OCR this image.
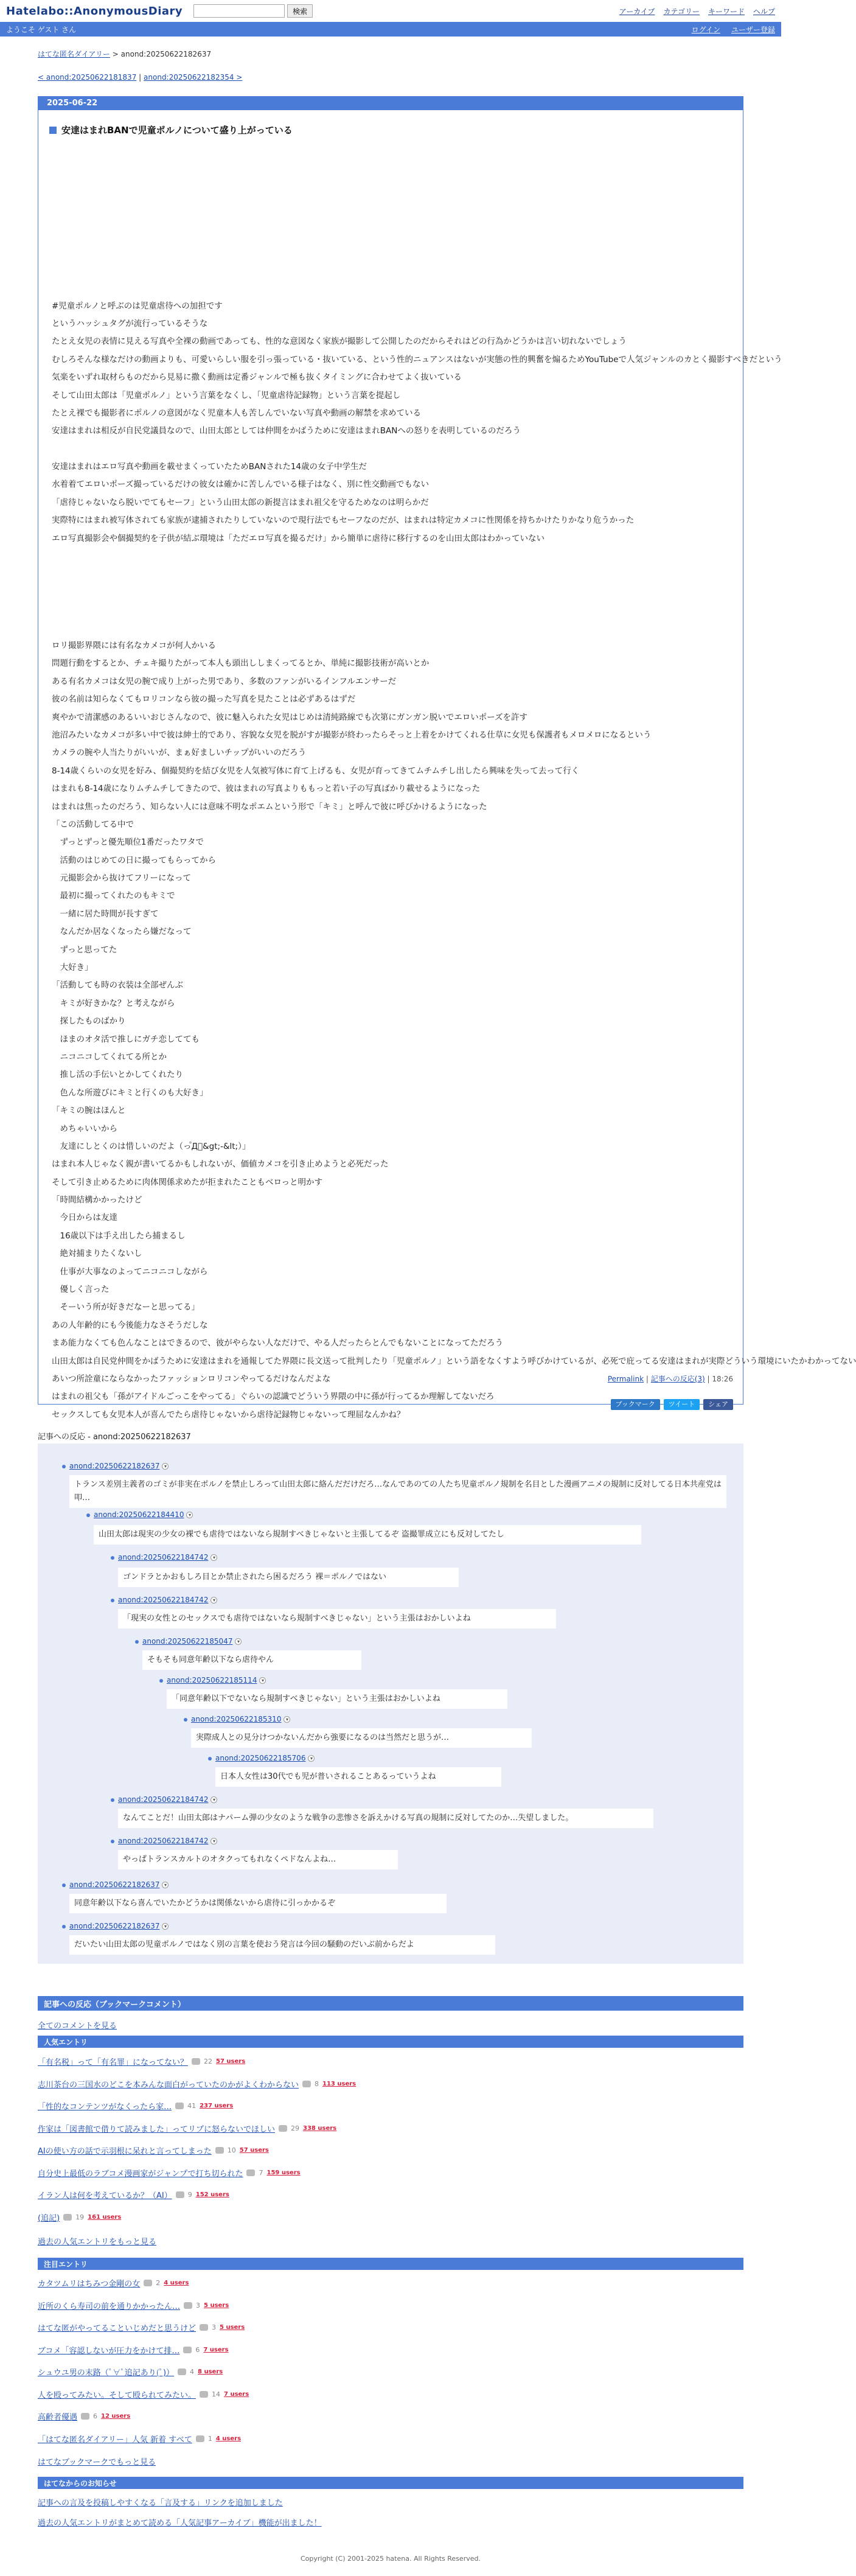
Hatelabo::AnonymousDiary	検索	アーカイブ カテゴリー キーワード ヘルプ
ようこそ ゲスト さん	ログイン ユーザー登録
はてな匿名ダイアリー > anond:20250622182637
< anond:20250622181837 | anond:20250622182354 >
2025-06-22
安達はまれBANで児童ポルノについて盛り上がっている
#児童ポルノと呼ぶのは児童虐待への加担です
というハッシュタグが流行っているそうな
たとえ女児の表情に見える写真や全裸の動画であっても、性的な意図なく家族が撮影して公開したのだからそれはどの行為かどうかは言い切れないでしょう
むしろそんな様なだけの動画よりも、可愛いらしい服を引っ張っている・抜いている、という性的ニュアンスはないが実態の性的興奮を煽るためYouTubeで人気ジャンルのカとく撮影すべきだという
気楽をいずれ取材らものだから見易に撒く動画は定番ジャンルで極も抜くタイミングに合わせてよく抜いている
そして山田太郎は「児童ポルノ」という言葉をなくし、「児童虐待記録物」という言葉を提起し
たとえ裸でも撮影者にポルノの意図がなく児童本人も苦しんでいない写真や動画の解禁を求めている
安達はまれは相反が自民党議員なので、山田太郎としては仲間をかばうために安達はまれBANへの怒りを表明しているのだろう
安達はまれはエロ写真や動画を載せまくっていたためBANされた14歳の女子中学生だ
水着着てエロいポーズ撮っているだけの彼女は確かに苦しんでいる様子はなく、別に性交動画でもない
「虐待じゃないなら脱いでてもセーフ」という山田太郎の新提言はまれ祖父を守るためなのは明らかだ
実際特にはまれ被写体されても家族が逮捕されたりしていないので現行法でもセーフなのだが、はまれは特定カメコに性関係を持ちかけたりかなり危うかった
エロ写真撮影会や個撮契約を子供が結ぶ環境は「ただエロ写真を撮るだけ」から簡単に虐待に移行するのを山田太郎はわかっていない
ロリ撮影界隈には有名なカメコが何人かいる
問題行動をするとか、チェキ撮りたがって本人も頭出ししまくってるとか、単純に撮影技術が高いとか
ある有名カメコは女児の腕で成り上がった男であり、多数のファンがいるインフルエンサーだ
彼の名前は知らなくてもロリコンなら彼の撮った写真を見たことは必ずあるはずだ
爽やかで清潔感のあるいいおじさんなので、彼に魅入られた女児はじめは清純路線でも次第にガンガン脱いでエロいポーズを許す
池沼みたいなカメコが多い中で彼は紳士的であり、容貌な女児を脱がすが撮影が終わったらそっと上着をかけてくれる仕草に女児も保護者もメロメロになるという
カメラの腕や人当たりがいいが、まぁ好ましいチップがいいのだろう
8-14歳くらいの女児を好み、個撮契約を結び女児を人気被写体に育て上げるも、女児が育ってきてムチムチし出したら興味を失って去って行く
はまれも8-14歳になりムチムチしてきたので、彼はまれの写真よりももっと若い子の写真ばかり載せるようになった
はまれは焦ったのだろう、知らない人には意味不明なポエムという形で「キミ」と呼んで彼に呼びかけるようになった
「この活動してる中で
　ずっとずっと優先順位1番だったワタで
　活動のはじめての日に撮ってもらってから
　元撮影会から抜けてフリーになって
　最初に撮ってくれたのもキミで
　一緒に居た時間が長すぎて
　なんだか居なくなったら嫌だなって
　ずっと思ってた
　大好き」
「活動しても時の衣装は全部ぜんぶ
　キミが好きかな？と考えながら
　探したものばかり
　ほまのオタ活で推しにガチ恋してても
　ニコニコしてくれてる所とか
　推し活の手伝いとかしてくれたり
　色んな所遊びにキミと行くのも大好き」
「キミの腕はほんと
　めちゃいいから
　友達にしとくのは惜しいのだよ（っ゚Д゚&gt;-&lt;）」
はまれ本人じゃなく親が書いてるかもしれないが、価値カメコを引き止めようと必死だった
そして引き止めるために肉体関係求めたが拒まれたこともベロっと明かす
「時間結構かかったけど
　今日からは友達
　16歳以下は手え出したら捕まるし
　絶対捕まりたくないし
　仕事が大事なのよってニコニコしながら
　優しく言った
　そーいう所が好きだなーと思ってる」
あの人年齢的にも今後能力なさそうだしな
まあ能力なくても色んなことはできるので、彼がやらない人なだけで、やる人だったらとんでもないことになってただろう
山田太郎は自民党仲間をかばうために安達はまれを通報してた界隈に長文送って批判したり「児童ポルノ」という語をなくすよう呼びかけているが、必死で庇ってる安達はまれが実際どういう環境にいたかわかってない
あいつ所詮童にならなかったファッションロリコンやってるだけなんだよな
はまれの祖父も「孫がアイドルごっこをやってる」ぐらいの認識でどういう界隈の中に孫が行ってるか理解してないだろ
セックスしても女児本人が喜んでたら虐待じゃないから虐待記録物じゃないって理屈なんかね？
Permalink | 記事への反応(3) | 18:26
ブックマーク	ツイート	シェア
記事への反応 - anond:20250622182637
anond:20250622182637 ▾
トランス差別主義者のゴミが非実在ポルノを禁止しろって山田太郎に絡んだだけだろ…なんであのての人たち児童ポルノ規制を名目とした漫画アニメの規制に反対してる日本共産党は叩…
anond:20250622184410 ▾
山田太郎は現実の少女の裸でも虐待ではないなら規制すべきじゃないと主張してるぞ 盗撮罪成立にも反対してたし
anond:20250622184742 ▾
ゴンドラとかおもしろ目とか禁止されたら困るだろう 裸＝ポルノではない
anond:20250622184742 ▾
「現実の女性とのセックスでも虐待ではないなら規制すべきじゃない」という主張はおかしいよね
anond:20250622185047 ▾
そもそも同意年齢以下なら虐待やん
anond:20250622185114 ▾
「同意年齢以下でないなら規制すべきじゃない」という主張はおかしいよね
anond:20250622185310 ▾
実際成人との見分けつかないんだから強要になるのは当然だと思うが…
anond:20250622185706 ▾
日本人女性は30代でも児が普いされることあるっていうよね
anond:20250622184742 ▾
なんてことだ！山田太郎はナパーム弾の少女のような戦争の悲惨さを訴えかける写真の規制に反対してたのか…失望しました。
anond:20250622184742 ▾
やっぱトランスカルトのオタクってもれなくペドなんよね…
anond:20250622182637 ▾
同意年齢以下なら喜んでいたかどうかは関係ないから虐待に引っかかるぞ
anond:20250622182637 ▾
だいたい山田太郎の児童ポルノではなく別の言葉を使おう発言は今回の騒動のだいぶ前からだよ
記事への反応（ブックマークコメント）
全てのコメントを見る
人気エントリ
「有名税」って「有名罪」になってない？ 22 57 users
志川茶台の三国水のどこを本みんな面白がっていたのかがよくわからない 8 113 users
「性的なコンテンツがなくったら家… 41 237 users
作家は「図書館で借りて読みました」ってリプに怒らないでほしい 29 338 users
AIの使い方の話で示羽根に呆れと言ってしまった 10 57 users
自分史上最低のラブコメ漫画家がジャンプで打ち切られた 7 159 users
イラン人は何を考えているか？（AI） 9 152 users
(追記) 19 161 users
過去の人気エントリをもっと見る
注目エントリ
カタツムリはちみつ金剛の女 2 4 users
近所のくら寿司の前を通りかかったん… 3 5 users
はてな匿がやってることいじめだと思うけど 3 5 users
ブコメ「容認しないが圧力をかけて排… 6 7 users
シュウユ男の末路（ﾟ∀ﾟ追記あり(ﾟ)） 4 8 users
人を殴ってみたい。そして殴られてみたい。 14 7 users
高齢者優遇 6 12 users
「はてな匿名ダイアリー」人気 新着 すべて 1 4 users
はてなブックマークでもっと見る
はてなからのお知らせ
記事への言及を投稿しやすくなる「言及する」リンクを追加しました
過去の人気エントリがまとめて読める「人気記事アーカイブ」機能が出ました！
Copyright (C) 2001-2025 hatena. All Rights Reserved.
